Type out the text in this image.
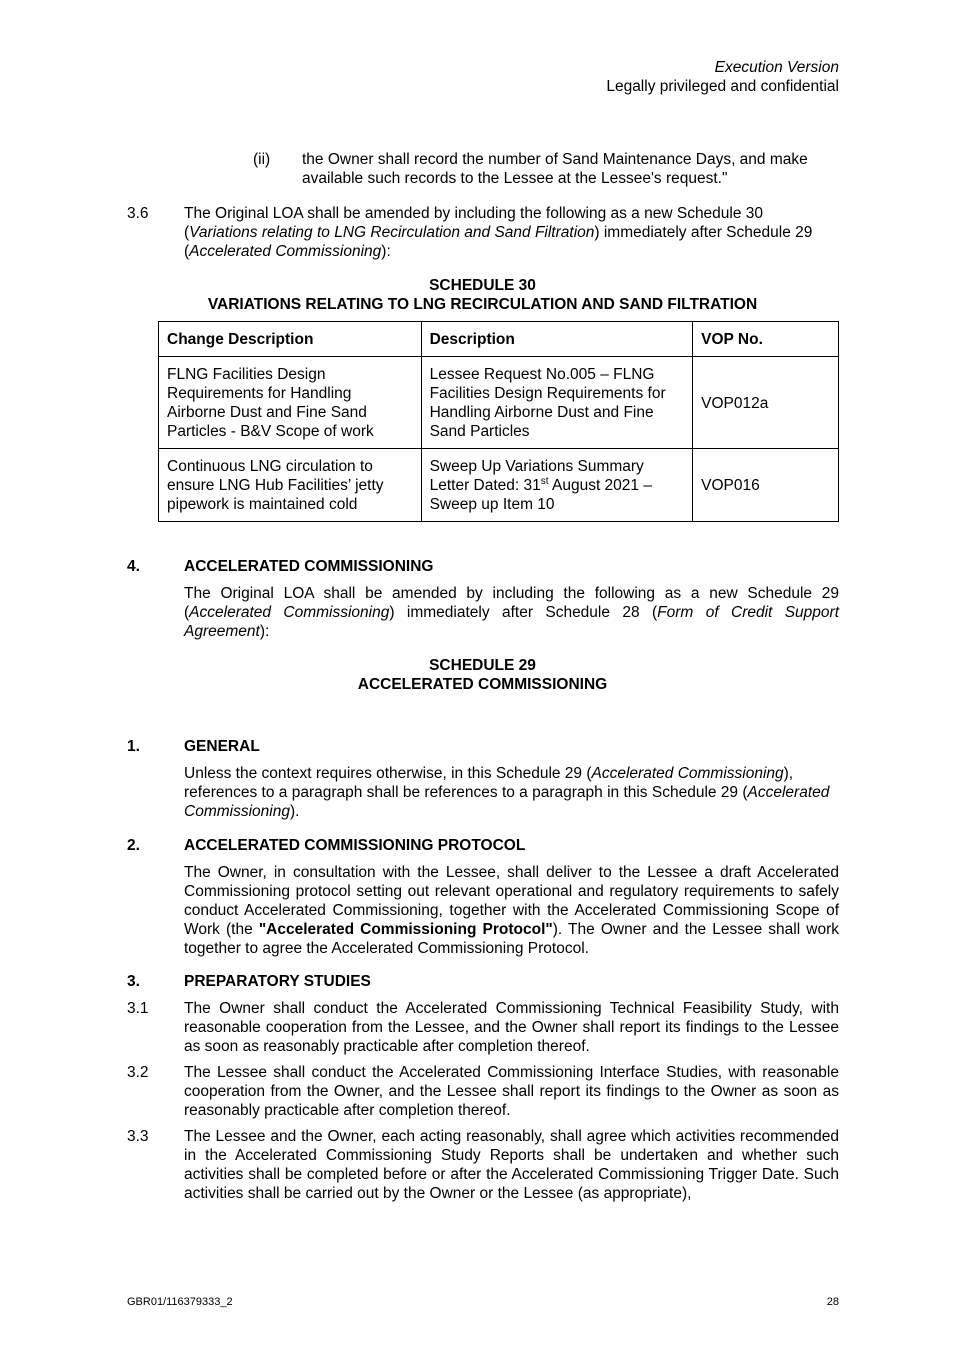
Execution Version
Legally privileged and confidential
(ii) the Owner shall record the number of Sand Maintenance Days, and make available such records to the Lessee at the Lessee's request."
3.6 The Original LOA shall be amended by including the following as a new Schedule 30 (Variations relating to LNG Recirculation and Sand Filtration) immediately after Schedule 29 (Accelerated Commissioning):
SCHEDULE 30
VARIATIONS RELATING TO LNG RECIRCULATION AND SAND FILTRATION
Change Description	Description	VOP No.
FLNG Facilities Design Requirements for Handling Airborne Dust and Fine Sand Particles - B&V Scope of work	Lessee Request No.005 – FLNG Facilities Design Requirements for Handling Airborne Dust and Fine Sand Particles	VOP012a
Continuous LNG circulation to ensure LNG Hub Facilities’ jetty pipework is maintained cold	Sweep Up Variations Summary Letter Dated: 31st August 2021 – Sweep up Item 10	VOP016
4.	ACCELERATED COMMISSIONING
The Original LOA shall be amended by including the following as a new Schedule 29 (Accelerated Commissioning) immediately after Schedule 28 (Form of Credit Support Agreement):
SCHEDULE 29
ACCELERATED COMMISSIONING
1.	GENERAL
Unless the context requires otherwise, in this Schedule 29 (Accelerated Commissioning), references to a paragraph shall be references to a paragraph in this Schedule 29 (Accelerated Commissioning).
2.	ACCELERATED COMMISSIONING PROTOCOL
The Owner, in consultation with the Lessee, shall deliver to the Lessee a draft Accelerated Commissioning protocol setting out relevant operational and regulatory requirements to safely conduct Accelerated Commissioning, together with the Accelerated Commissioning Scope of Work (the "Accelerated Commissioning Protocol"). The Owner and the Lessee shall work together to agree the Accelerated Commissioning Protocol.
3.	PREPARATORY STUDIES
3.1 The Owner shall conduct the Accelerated Commissioning Technical Feasibility Study, with reasonable cooperation from the Lessee, and the Owner shall report its findings to the Lessee as soon as reasonably practicable after completion thereof.
3.2 The Lessee shall conduct the Accelerated Commissioning Interface Studies, with reasonable cooperation from the Owner, and the Lessee shall report its findings to the Owner as soon as reasonably practicable after completion thereof.
3.3 The Lessee and the Owner, each acting reasonably, shall agree which activities recommended in the Accelerated Commissioning Study Reports shall be undertaken and whether such activities shall be completed before or after the Accelerated Commissioning Trigger Date. Such activities shall be carried out by the Owner or the Lessee (as appropriate),
GBR01/116379333_2	28
